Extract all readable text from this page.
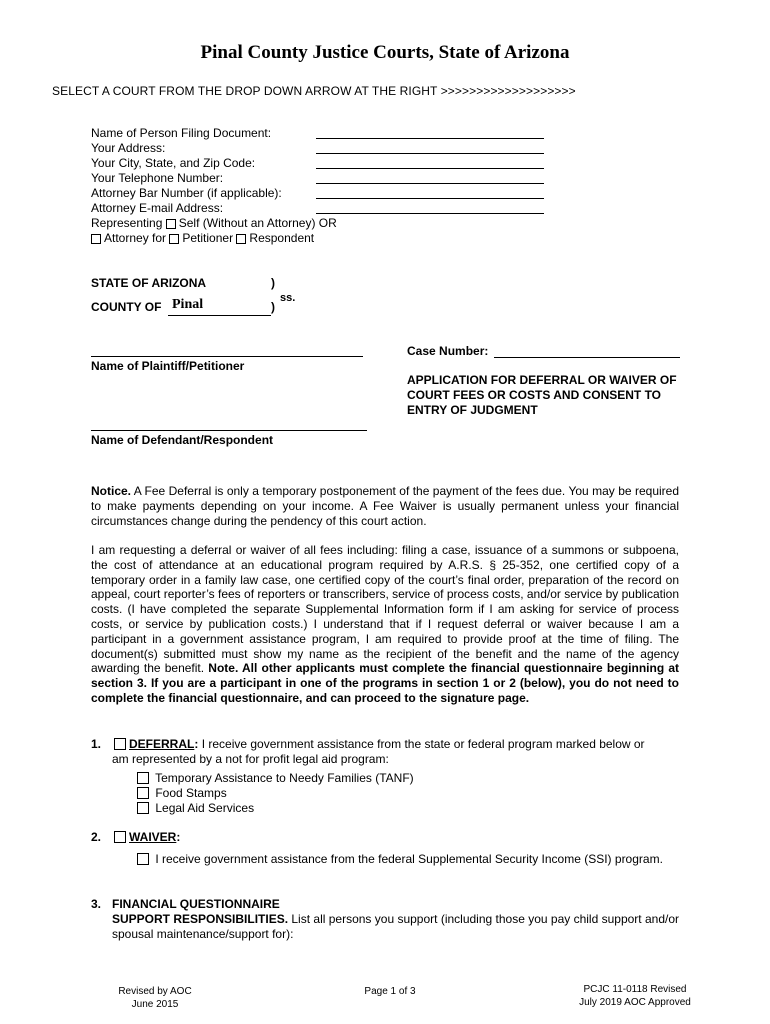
Pinal County Justice Courts, State of Arizona
SELECT A COURT FROM THE DROP DOWN ARROW AT THE RIGHT >>>>>>>>>>>>>>>>>>>
Name of Person Filing Document:
Your Address:
Your City, State, and Zip Code:
Your Telephone Number:
Attorney Bar Number (if applicable):
Attorney E-mail Address:
Representing Self (Without an Attorney) OR
Attorney for Petitioner Respondent
STATE OF ARIZONA	)
ss.
COUNTY OF Pinal	)
Name of Plaintiff/Petitioner
Name of Defendant/Respondent
Case Number:
APPLICATION FOR DEFERRAL OR WAIVER OF COURT FEES OR COSTS AND CONSENT TO ENTRY OF JUDGMENT
Notice. A Fee Deferral is only a temporary postponement of the payment of the fees due. You may be required to make payments depending on your income. A Fee Waiver is usually permanent unless your financial circumstances change during the pendency of this court action.
I am requesting a deferral or waiver of all fees including: filing a case, issuance of a summons or subpoena, the cost of attendance at an educational program required by A.R.S. § 25-352, one certified copy of a temporary order in a family law case, one certified copy of the court’s final order, preparation of the record on appeal, court reporter’s fees of reporters or transcribers, service of process costs, and/or service by publication costs. (I have completed the separate Supplemental Information form if I am asking for service of process costs, or service by publication costs.) I understand that if I request deferral or waiver because I am a participant in a government assistance program, I am required to provide proof at the time of filing. The document(s) submitted must show my name as the recipient of the benefit and the name of the agency awarding the benefit. Note. All other applicants must complete the financial questionnaire beginning at section 3. If you are a participant in one of the programs in section 1 or 2 (below), you do not need to complete the financial questionnaire, and can proceed to the signature page.
1.	DEFERRAL: I receive government assistance from the state or federal program marked below or
am represented by a not for profit legal aid program:
Temporary Assistance to Needy Families (TANF)
Food Stamps
Legal Aid Services
2.	WAIVER:
I receive government assistance from the federal Supplemental Security Income (SSI) program.
3. FINANCIAL QUESTIONNAIRE
SUPPORT RESPONSIBILITIES. List all persons you support (including those you pay child support and/or spousal maintenance/support for):
Revised by AOC
June 2015
Page 1 of 3	PCJC 11-0118 Revised
July 2019 AOC Approved
